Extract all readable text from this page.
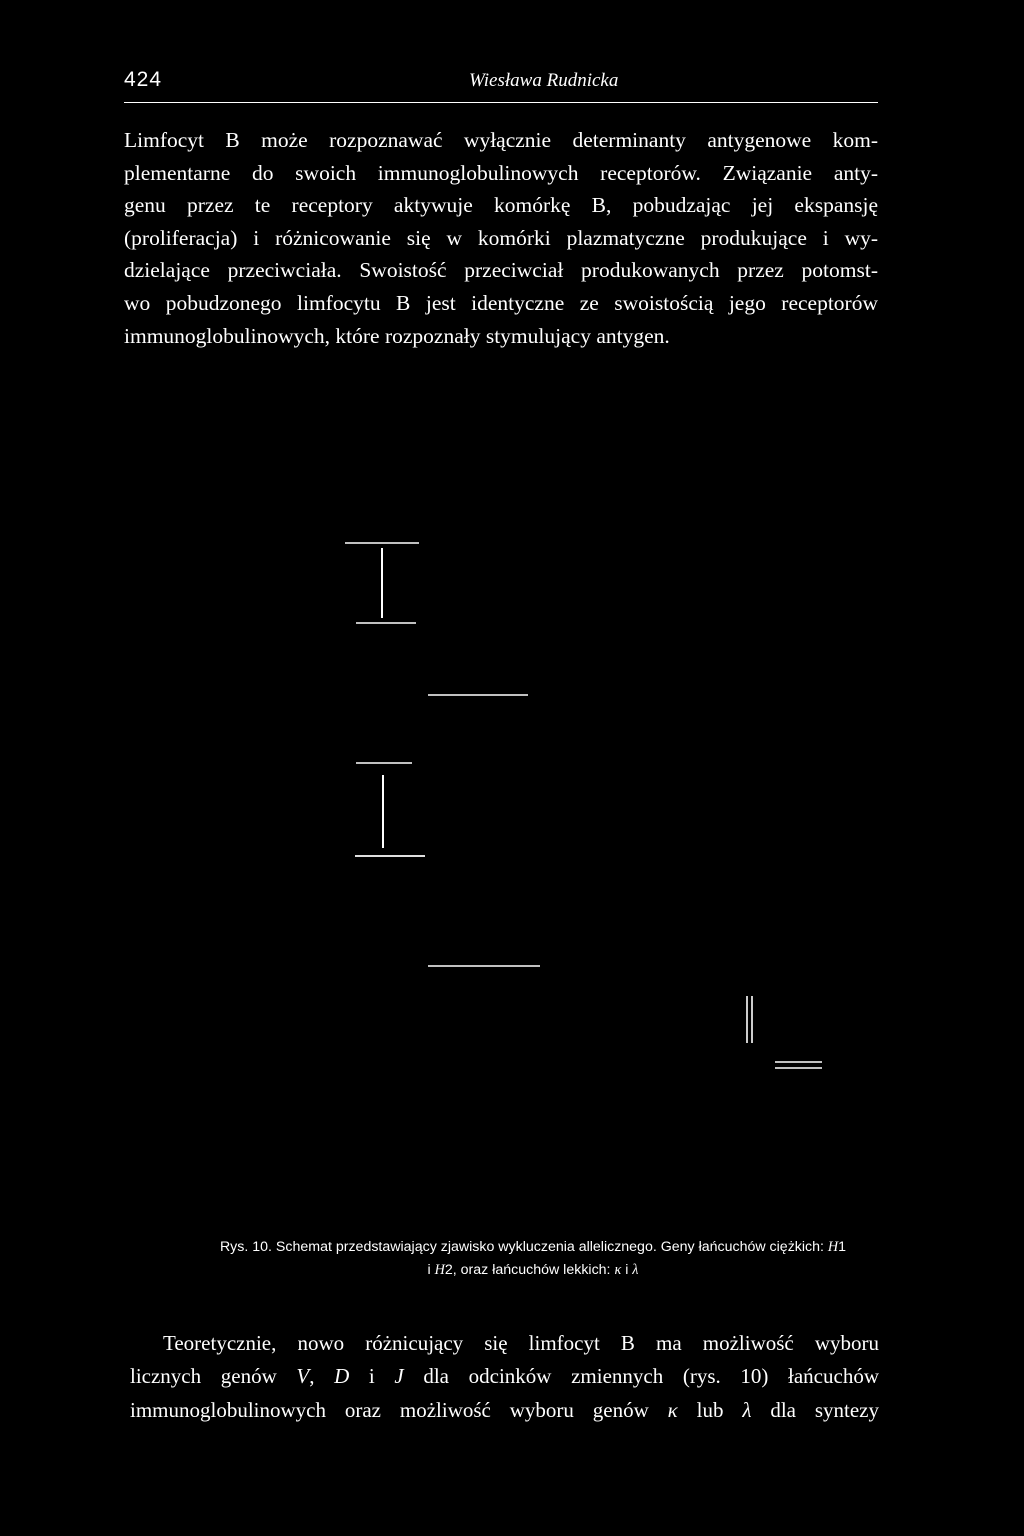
424	Wiesława Rudnicka
Limfocyt B może rozpoznawać wyłącznie determinanty antygenowe kom-
plementarne do swoich immunoglobulinowych receptorów. Związanie anty-
genu przez te receptory aktywuje komórkę B, pobudzając jej ekspansję
(proliferacja) i różnicowanie się w komórki plazmatyczne produkujące i wy-
dzielające przeciwciała. Swoistość przeciwciał produkowanych przez potomst-
wo pobudzonego limfocytu B jest identyczne ze swoistością jego receptorów
immunoglobulinowych, które rozpoznały stymulujący antygen.
Rys. 10. Schemat przedstawiający zjawisko wykluczenia allelicznego. Geny łańcuchów ciężkich: H1
i H2, oraz łańcuchów lekkich: κ i λ
Teoretycznie, nowo różnicujący się limfocyt B ma możliwość wyboru
licznych genów V, D i J dla odcinków zmiennych (rys. 10) łańcuchów
immunoglobulinowych oraz możliwość wyboru genów κ lub λ dla syntezy
